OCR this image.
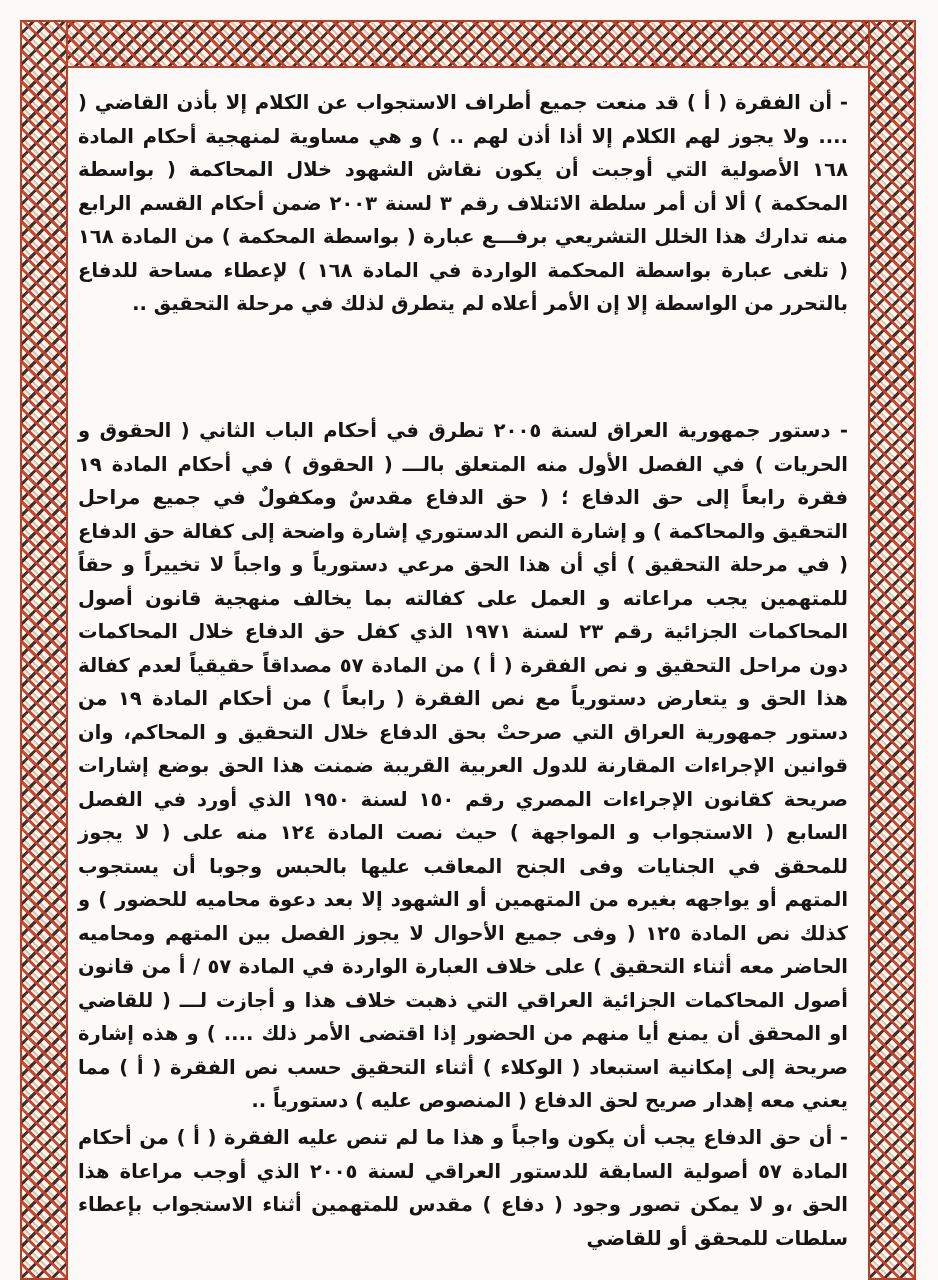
- أن الفقرة ( أ ) قد منعت جميع أطراف الاستجواب عن الكلام إلا بأذن القاضي ( .... ولا يجوز لهم الكلام إلا أذا أذن لهم .. ) و هي مساوية لمنهجية أحكام المادة ١٦٨ الأصولية التي أوجبت أن يكون نقاش الشهود خلال المحاكمة ( بواسطة المحكمة ) ألا أن أمر سلطة الائتلاف رقم ٣ لسنة ٢٠٠٣ ضمن أحكام القسم الرابع منه تدارك هذا الخلل التشريعي برفـــع عبارة ( بواسطة المحكمة ) من المادة ١٦٨ ( تلغى عبارة بواسطة المحكمة الواردة في المادة ١٦٨ ) لإعطاء مساحة للدفاع بالتحرر من الواسطة إلا إن الأمر أعلاه لم يتطرق لذلك في مرحلة التحقيق ..

- دستور جمهورية العراق لسنة ٢٠٠٥ تطرق في أحكام الباب الثاني ( الحقوق و الحريات ) في الفصل الأول منه المتعلق بالـــ ( الحقوق ) في أحكام المادة ١٩ فقرة رابعاً إلى حق الدفاع ؛ ( حق الدفاع مقدسٌ ومكفولٌ في جميع مراحل التحقيق والمحاكمة ) و إشارة النص الدستوري إشارة واضحة إلى كفالة حق الدفاع ( في مرحلة التحقيق ) أي أن هذا الحق مرعي دستورياً و واجباً لا تخييراً و حقاً للمتهمين يجب مراعاته و العمل على كفالته بما يخالف منهجية قانون أصول المحاكمات الجزائية رقم ٢٣ لسنة ١٩٧١ الذي كفل حق الدفاع خلال المحاكمات دون مراحل التحقيق و نص الفقرة ( أ ) من المادة ٥٧ مصداقاً حقيقياً لعدم كفالة هذا الحق و يتعارض دستورياً مع نص الفقرة ( رابعاً ) من أحكام المادة ١٩ من دستور جمهورية العراق التي صرحتْ بحق الدفاع خلال التحقيق و المحاكم، وان قوانين الإجراءات المقارنة للدول العربية القريبة ضمنت هذا الحق بوضع إشارات صريحة كقانون الإجراءات المصري رقم ١٥٠ لسنة ١٩٥٠ الذي أورد في الفصل السابع ( الاستجواب و المواجهة ) حيث نصت المادة ١٢٤ منه على ( لا يجوز للمحقق في الجنايات وفى الجنح المعاقب عليها بالحبس وجوبا أن يستجوب المتهم أو يواجهه بغيره من المتهمين أو الشهود إلا بعد دعوة محاميه للحضور ) و كذلك نص المادة ١٢٥ ( وفى جميع الأحوال لا يجوز الفصل بين المتهم ومحاميه الحاضر معه أثناء التحقيق ) على خلاف العبارة الواردة في المادة ٥٧ / أ من قانون أصول المحاكمات الجزائية العراقي التي ذهبت خلاف هذا و أجازت لـــ ( للقاضي او المحقق أن يمنع أيا منهم من الحضور إذا اقتضى الأمر ذلك .... ) و هذه إشارة صريحة إلى إمكانية استبعاد ( الوكلاء ) أثناء التحقيق حسب نص الفقرة ( أ ) مما يعني معه إهدار صريح لحق الدفاع ( المنصوص عليه ) دستورياً ..

- أن حق الدفاع يجب أن يكون واجباً و هذا ما لم تنص عليه الفقرة ( أ ) من أحكام المادة ٥٧ أصولية السابقة للدستور العراقي لسنة ٢٠٠٥ الذي أوجب مراعاة هذا الحق ،و لا يمكن تصور وجود ( دفاع ) مقدس للمتهمين أثناء الاستجواب بإعطاء سلطات للمحقق أو للقاضي
